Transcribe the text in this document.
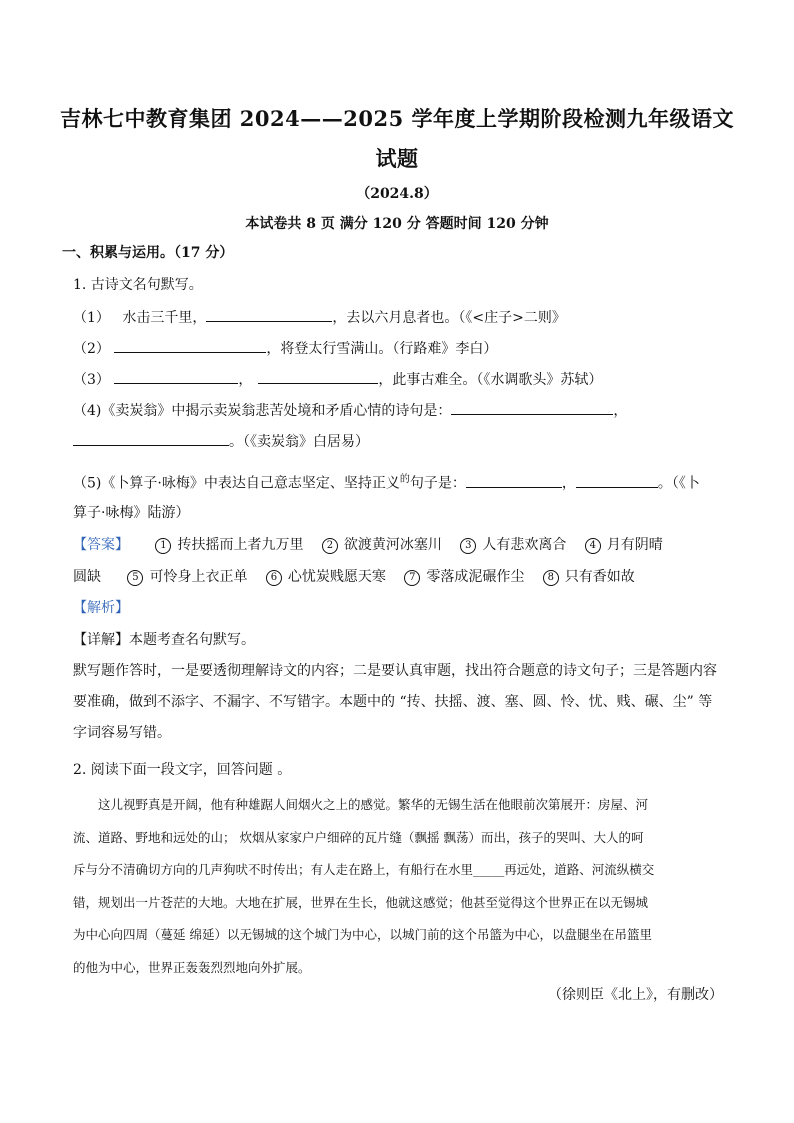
吉林七中教育集团 2024——2025 学年度上学期阶段检测九年级语文
试题
（2024.8）
本试卷共 8 页 满分 120 分 答题时间 120 分钟
一、积累与运用。（17 分）
1. 古诗文名句默写。
（1） 水击三千里，	，去以六月息者也。（《<庄子>二则》
（2）	，将登太行雪满山。（行路难》李白）
（3）	，	，此事古难全。（《水调歌头》苏轼）
（4)《卖炭翁》中揭示卖炭翁悲苦处境和矛盾心情的诗句是：	，
。（《卖炭翁》白居易）
（5)《卜算子·咏梅》中表达自己意志坚定、坚持正义$^的$句子是：	，	。（《卜
算子·咏梅》陆游）
【答案】	1 抟扶摇而上者九万里 2 欲渡黄河冰塞川 3 人有悲欢离合 4 月有阴晴
圆缺	5 可怜身上衣正单 6 心忧炭贱愿天寒 7 零落成泥碾作尘 8 只有香如故
【解析】
【详解】本题考查名句默写。
默写题作答时，一是要透彻理解诗文的内容；二是要认真审题，找出符合题意的诗文句子；三是答题内容
要准确，做到不添字、不漏字、不写错字。本题中的 “抟、扶摇、渡、塞、圆、怜、忧、贱、碾、尘” 等
字词容易写错。
2. 阅读下面一段文字，回答问题 。
　　这儿视野真是开阔，他有种雄踞人间烟火之上的感觉。繁华的无锡生活在他眼前次第展开：房屋、河
流、道路、野地和远处的山； 炊烟从家家户户细碎的瓦片缝（飘摇 飘荡）而出，孩子的哭叫、大人的呵
斥与分不清确切方向的几声狗吠不时传出；有人走在路上，有船行在水里_____再远处，道路、河流纵横交
错，规划出一片苍茫的大地。大地在扩展，世界在生长，他就这感觉；他甚至觉得这个世界正在以无锡城
为中心向四周（蔓延 绵延）以无锡城的这个城门为中心，以城门前的这个吊篮为中心，以盘腿坐在吊篮里
的他为中心，世界正轰轰烈烈地向外扩展。
（徐则臣《北上》，有删改）
